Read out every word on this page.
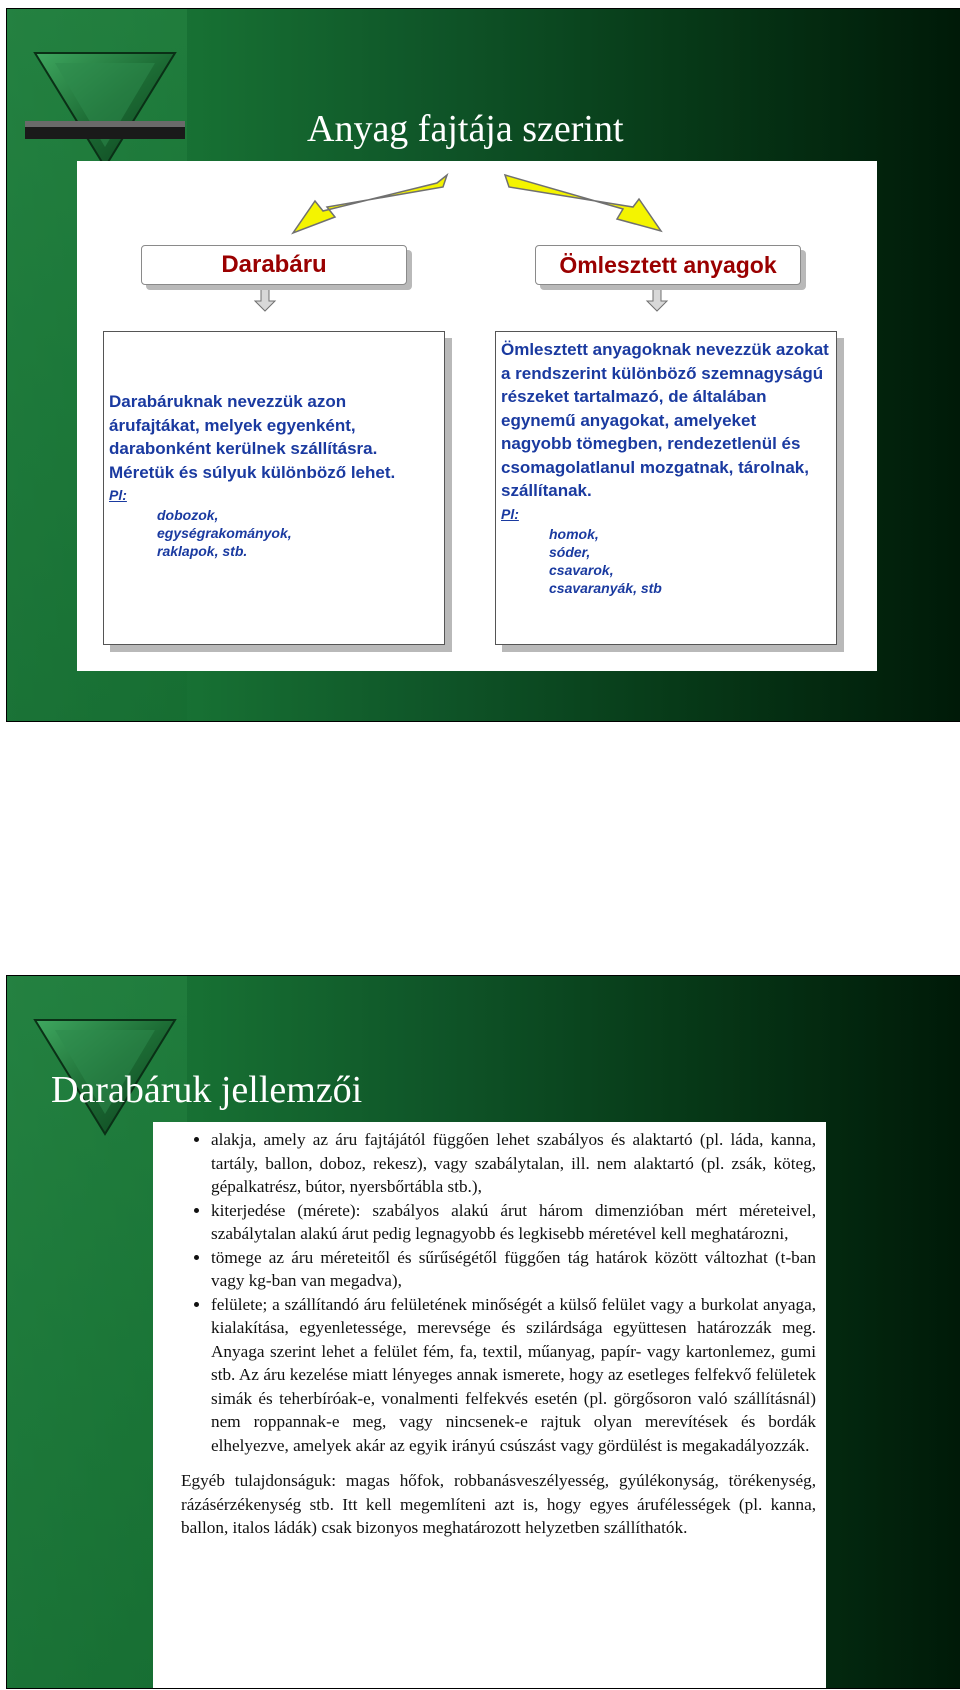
Anyag fajtája szerint
Darabáru	Ömlesztett anyagok
Darabáruknak nevezzük azon árufajtákat, melyek egyenként, darabonként kerülnek szállításra. Méretük és súlyuk különböző lehet.
Pl:
dobozok,
egységrakományok,
raklapok, stb.
Ömlesztett anyagoknak nevezzük azokat a rendszerint különböző szemnagyságú részeket tartalmazó, de általában egynemű anyagokat, amelyeket nagyobb tömegben, rendezetlenül és csomagolatlanul mozgatnak, tárolnak, szállítanak.
Pl:
homok,
sóder,
csavarok,
csavaranyák, stb
Darabáruk jellemzői
• alakja, amely az áru fajtájától függően lehet szabályos és alaktartó (pl. láda, kanna, tartály, ballon, doboz, rekesz), vagy szabálytalan, ill. nem alaktartó (pl. zsák, köteg, gépalkatrész, bútor, nyersbőrtábla stb.),
• kiterjedése (mérete): szabályos alakú árut három dimenzióban mért méreteivel, szabálytalan alakú árut pedig legnagyobb és legkisebb méretével kell meghatározni,
• tömege az áru méreteitől és sűrűségétől függően tág határok között változhat (t-ban vagy kg-ban van megadva),
• felülete; a szállítandó áru felületének minőségét a külső felület vagy a burkolat anyaga, kialakítása, egyenletessége, merevsége és szilárdsága együttesen határozzák meg. Anyaga szerint lehet a felület fém, fa, textil, műanyag, papír- vagy kartonlemez, gumi stb. Az áru kezelése miatt lényeges annak ismerete, hogy az esetleges felfekvő felületek simák és teherbíróak-e, vonalmenti felfekvés esetén (pl. görgősoron való szállításnál) nem roppannak-e meg, vagy nincsenek-e rajtuk olyan merevítések és bordák elhelyezve, amelyek akár az egyik irányú csúszást vagy gördülést is megakadályozzák.

Egyéb tulajdonságuk: magas hőfok, robbanásveszélyesség, gyúlékonyság, törékenység, rázásérzékenység stb. Itt kell megemlíteni azt is, hogy egyes árufélességek (pl. kanna, ballon, italos ládák) csak bizonyos meghatározott helyzetben szállíthatók.
